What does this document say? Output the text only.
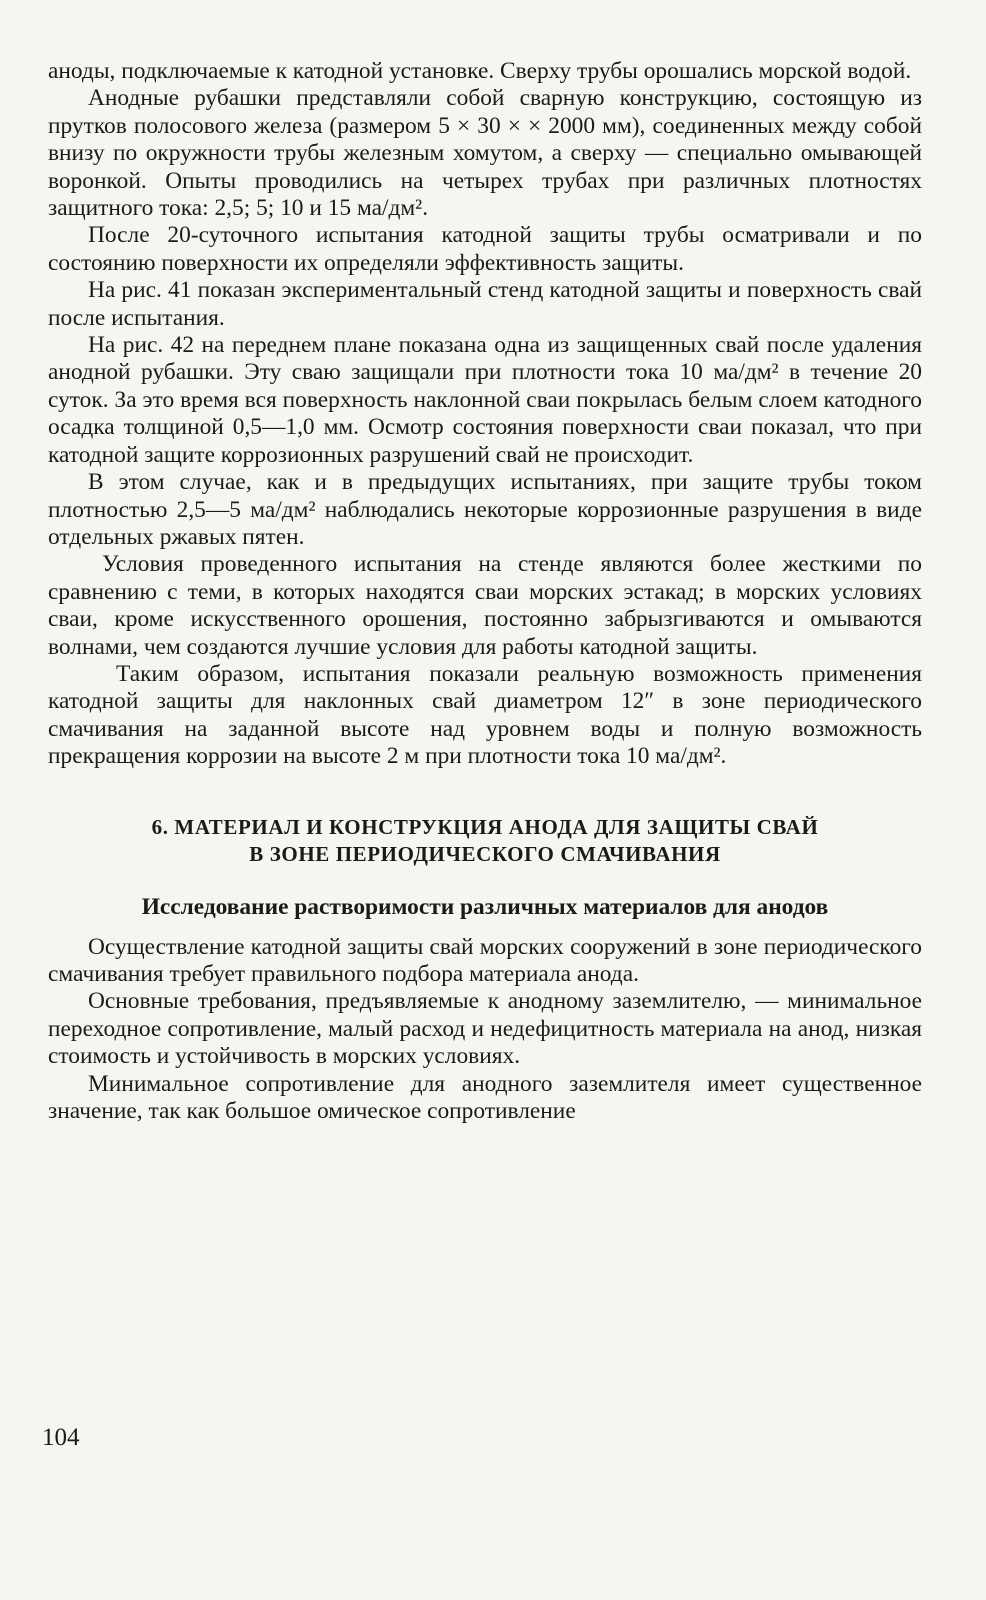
аноды, подключаемые к катодной установке. Сверху трубы орошались морской водой.

Анодные рубашки представляли собой сварную конструкцию, состоящую из прутков полосового железа (размером 5 × 30 × × 2000 мм), соединенных между собой внизу по окружности трубы железным хомутом, а сверху — специально омывающей воронкой. Опыты проводились на четырех трубах при различных плотностях защитного тока: 2,5; 5; 10 и 15 ма/дм².

После 20-суточного испытания катодной защиты трубы осматривали и по состоянию поверхности их определяли эффективность защиты.

На рис. 41 показан экспериментальный стенд катодной защиты и поверхность свай после испытания.

На рис. 42 на переднем плане показана одна из защищенных свай после удаления анодной рубашки. Эту сваю защищали при плотности тока 10 ма/дм² в течение 20 суток. За это время вся поверхность наклонной сваи покрылась белым слоем катодного осадка толщиной 0,5—1,0 мм. Осмотр состояния поверхности сваи показал, что при катодной защите коррозионных разрушений свай не происходит.

В этом случае, как и в предыдущих испытаниях, при защите трубы током плотностью 2,5—5 ма/дм² наблюдались некоторые коррозионные разрушения в виде отдельных ржавых пятен.

Условия проведенного испытания на стенде являются более жесткими по сравнению с теми, в которых находятся сваи морских эстакад; в морских условиях сваи, кроме искусственного орошения, постоянно забрызгиваются и омываются волнами, чем создаются лучшие условия для работы катодной защиты.

Таким образом, испытания показали реальную возможность применения катодной защиты для наклонных свай диаметром 12″ в зоне периодического смачивания на заданной высоте над уровнем воды и полную возможность прекращения коррозии на высоте 2 м при плотности тока 10 ма/дм².

6. МАТЕРИАЛ И КОНСТРУКЦИЯ АНОДА ДЛЯ ЗАЩИТЫ СВАЙ
В ЗОНЕ ПЕРИОДИЧЕСКОГО СМАЧИВАНИЯ
Исследование растворимости различных материалов для анодов

Осуществление катодной защиты свай морских сооружений в зоне периодического смачивания требует правильного подбора материала анода.

Основные требования, предъявляемые к анодному заземлителю, — минимальное переходное сопротивление, малый расход и недефицитность материала на анод, низкая стоимость и устойчивость в морских условиях.

Минимальное сопротивление для анодного заземлителя имеет существенное значение, так как большое омическое сопротивление

104
